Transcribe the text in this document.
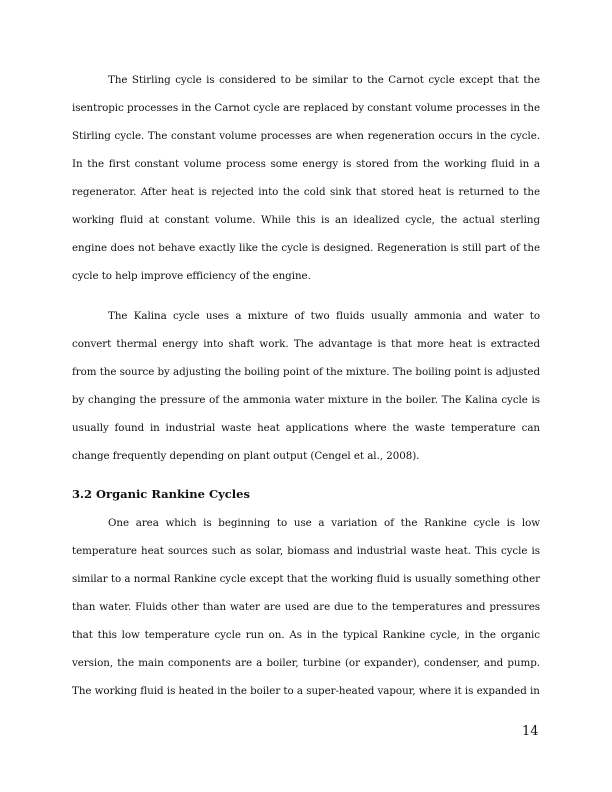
The Stirling cycle is considered to be similar to the Carnot cycle except that the isentropic processes in the Carnot cycle are replaced by constant volume processes in the Stirling cycle. The constant volume processes are when regeneration occurs in the cycle. In the first constant volume process some energy is stored from the working fluid in a regenerator. After heat is rejected into the cold sink that stored heat is returned to the working fluid at constant volume. While this is an idealized cycle, the actual sterling engine does not behave exactly like the cycle is designed. Regeneration is still part of the cycle to help improve efficiency of the engine.

The Kalina cycle uses a mixture of two fluids usually ammonia and water to convert thermal energy into shaft work. The advantage is that more heat is extracted from the source by adjusting the boiling point of the mixture. The boiling point is adjusted by changing the pressure of the ammonia water mixture in the boiler. The Kalina cycle is usually found in industrial waste heat applications where the waste temperature can change frequently depending on plant output (Cengel et al., 2008).

3.2 Organic Rankine Cycles

One area which is beginning to use a variation of the Rankine cycle is low temperature heat sources such as solar, biomass and industrial waste heat. This cycle is similar to a normal Rankine cycle except that the working fluid is usually something other than water. Fluids other than water are used are due to the temperatures and pressures that this low temperature cycle run on. As in the typical Rankine cycle, in the organic version, the main components are a boiler, turbine (or expander), condenser, and pump. The working fluid is heated in the boiler to a super-heated vapour, where it is expanded in

14
